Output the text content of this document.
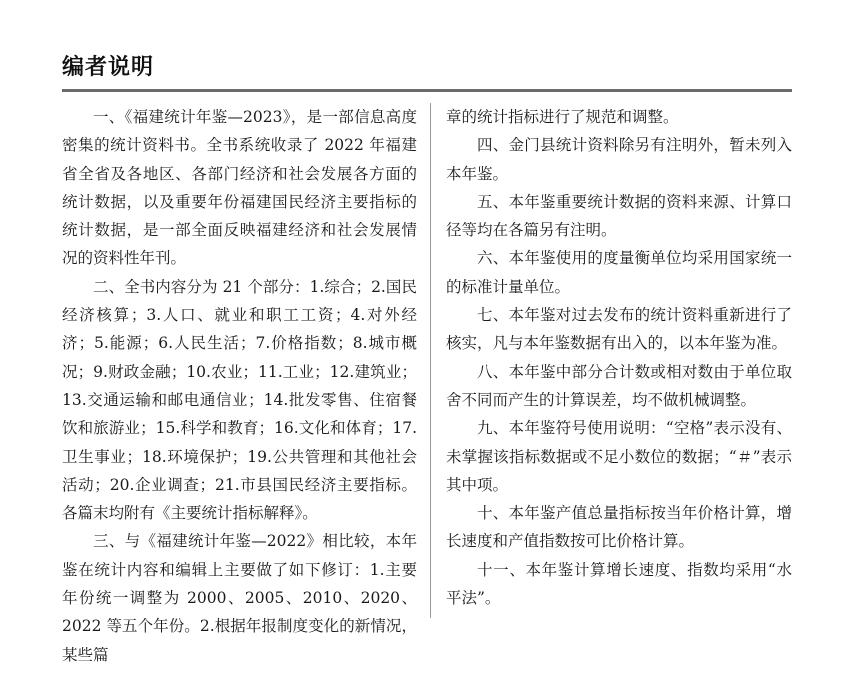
编者说明

一、《福建统计年鉴—2023》，是一部信息高度密集的统计资料书。全书系统收录了 2022 年福建省全省及各地区、各部门经济和社会发展各方面的统计数据，以及重要年份福建国民经济主要指标的统计数据，是一部全面反映福建经济和社会发展情况的资料性年刊。

二、全书内容分为 21 个部分：1.综合；2.国民经济核算；3.人口、就业和职工工资；4.对外经济；5.能源；6.人民生活；7.价格指数；8.城市概况；9.财政金融；10.农业；11.工业；12.建筑业；13.交通运输和邮电通信业；14.批发零售、住宿餐饮和旅游业；15.科学和教育；16.文化和体育；17.卫生事业；18.环境保护；19.公共管理和其他社会活动；20.企业调查；21.市县国民经济主要指标。各篇末均附有《主要统计指标解释》。

三、与《福建统计年鉴—2022》相比较，本年鉴在统计内容和编辑上主要做了如下修订：1.主要年份统一调整为 2000、2005、2010、2020、2022 等五个年份。2.根据年报制度变化的新情况，某些篇

章的统计指标进行了规范和调整。

四、金门县统计资料除另有注明外，暂未列入本年鉴。

五、本年鉴重要统计数据的资料来源、计算口径等均在各篇另有注明。

六、本年鉴使用的度量衡单位均采用国家统一的标准计量单位。

七、本年鉴对过去发布的统计资料重新进行了核实，凡与本年鉴数据有出入的，以本年鉴为准。

八、本年鉴中部分合计数或相对数由于单位取舍不同而产生的计算误差，均不做机械调整。

九、本年鉴符号使用说明：“空格”表示没有、未掌握该指标数据或不足小数位的数据；“＃”表示其中项。

十、本年鉴产值总量指标按当年价格计算，增长速度和产值指数按可比价格计算。

十一、本年鉴计算增长速度、指数均采用“水平法”。
